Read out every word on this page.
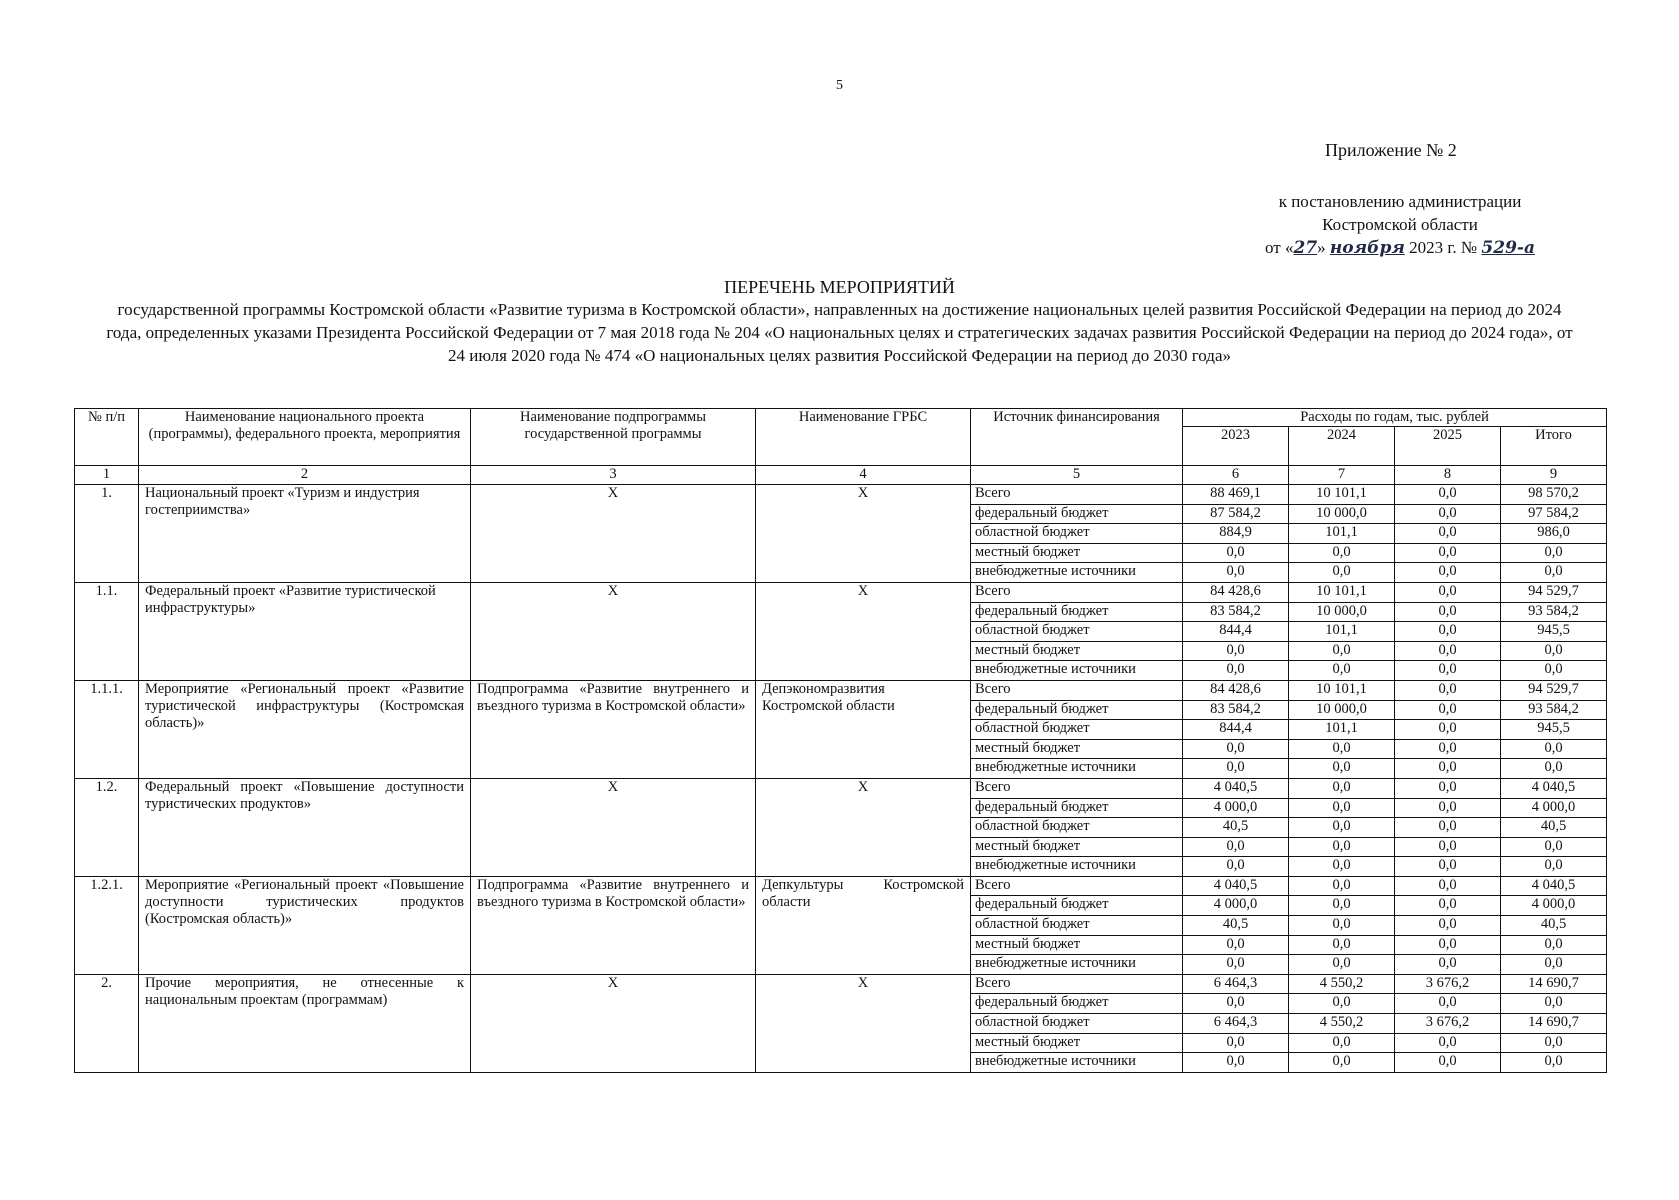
5
Приложение № 2
к постановлению администрации
Костромской области
от «27» ноября 2023 г. № 529-а
ПЕРЕЧЕНЬ МЕРОПРИЯТИЙ
государственной программы Костромской области «Развитие туризма в Костромской области», направленных на достижение национальных целей развития Российской Федерации на период до 2024 года, определенных указами Президента Российской Федерации от 7 мая 2018 года № 204 «О национальных целях и стратегических задачах развития Российской Федерации на период до 2024 года», от 24 июля 2020 года № 474 «О национальных целях развития Российской Федерации на период до 2030 года»
№ п/п	Наименование национального проекта (программы), федерального проекта, мероприятия	Наименование подпрограммы государственной программы	Наименование ГРБС	Источник финансирования	Расходы по годам, тыс. рублей			
					2023	2024	2025	Итого
1	2	3	4	5	6	7	8	9
1.	Национальный проект «Туризм и индустрия гостеприимства»	X	X	Всего	88 469,1	10 101,1	0,0	98 570,2
				федеральный бюджет	87 584,2	10 000,0	0,0	97 584,2
				областной бюджет	884,9	101,1	0,0	986,0
				местный бюджет	0,0	0,0	0,0	0,0
				внебюджетные источники	0,0	0,0	0,0	0,0
1.1.	Федеральный проект «Развитие туристической инфраструктуры»	X	X	Всего	84 428,6	10 101,1	0,0	94 529,7
				федеральный бюджет	83 584,2	10 000,0	0,0	93 584,2
				областной бюджет	844,4	101,1	0,0	945,5
				местный бюджет	0,0	0,0	0,0	0,0
				внебюджетные источники	0,0	0,0	0,0	0,0
1.1.1.	Мероприятие «Региональный проект «Развитие туристической инфраструктуры (Костромская область)»	Подпрограмма «Развитие внутреннего и въездного туризма в Костромской области»	Депэкономразвития Костромской области	Всего	84 428,6	10 101,1	0,0	94 529,7
				федеральный бюджет	83 584,2	10 000,0	0,0	93 584,2
				областной бюджет	844,4	101,1	0,0	945,5
				местный бюджет	0,0	0,0	0,0	0,0
				внебюджетные источники	0,0	0,0	0,0	0,0
1.2.	Федеральный проект «Повышение доступности туристических продуктов»	X	X	Всего	4 040,5	0,0	0,0	4 040,5
				федеральный бюджет	4 000,0	0,0	0,0	4 000,0
				областной бюджет	40,5	0,0	0,0	40,5
				местный бюджет	0,0	0,0	0,0	0,0
				внебюджетные источники	0,0	0,0	0,0	0,0
1.2.1.	Мероприятие «Региональный проект «Повышение доступности туристических продуктов (Костромская область)»	Подпрограмма «Развитие внутреннего и въездного туризма в Костромской области»	Депкультуры Костромской области	Всего	4 040,5	0,0	0,0	4 040,5
				федеральный бюджет	4 000,0	0,0	0,0	4 000,0
				областной бюджет	40,5	0,0	0,0	40,5
				местный бюджет	0,0	0,0	0,0	0,0
				внебюджетные источники	0,0	0,0	0,0	0,0
2.	Прочие мероприятия, не отнесенные к национальным проектам (программам)	X	X	Всего	6 464,3	4 550,2	3 676,2	14 690,7
				федеральный бюджет	0,0	0,0	0,0	0,0
				областной бюджет	6 464,3	4 550,2	3 676,2	14 690,7
				местный бюджет	0,0	0,0	0,0	0,0
				внебюджетные источники	0,0	0,0	0,0	0,0
